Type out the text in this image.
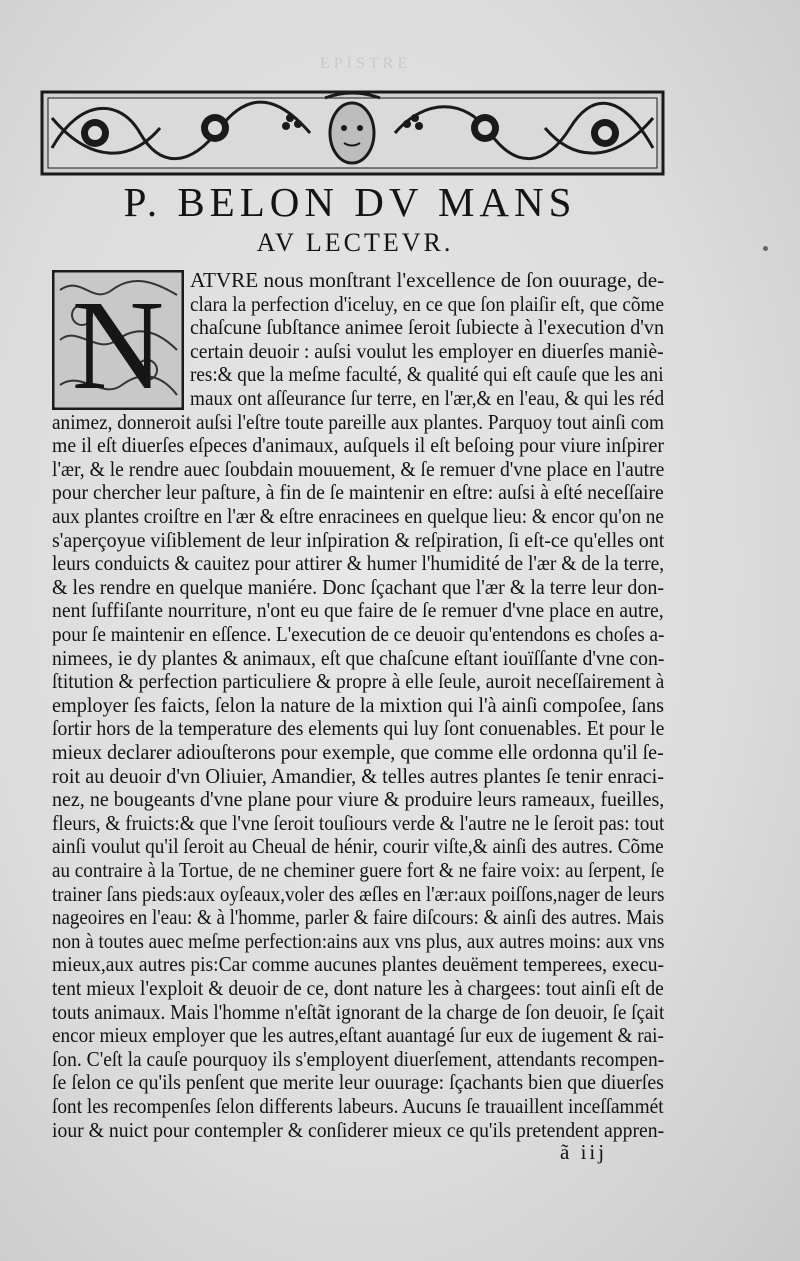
EPISTRE
P. BELON DV MANS
AV LECTEVR.
N ATVRE nous monſtrant l'excellence de ſon ouurage, de-
clara la perfection d'iceluy, en ce que ſon plaiſir eſt, que cõme
chaſcune ſubſtance animee ſeroit ſubiecte à l'execution d'vn
certain deuoir : auſsi voulut les employer en diuerſes maniè-
res:& que la meſme faculté, & qualité qui eſt cauſe que les ani
maux ont aſſeurance ſur terre, en l'ær,& en l'eau, & qui les réd
animez, donneroit auſsi l'eſtre toute pareille aux plantes. Parquoy tout ainſi com
me il eſt diuerſes eſpeces d'animaux, auſquels il eſt beſoing pour viure inſpirer
l'ær, & le rendre auec ſoubdain mouuement, & ſe remuer d'vne place en l'autre
pour chercher leur paſture, à fin de ſe maintenir en eſtre: auſsi à eſté neceſſaire
aux plantes croiſtre en l'ær & eſtre enracinees en quelque lieu: & encor qu'on ne
s'aperçoyue viſiblement de leur inſpiration & reſpiration, ſi eſt-ce qu'elles ont
leurs conduicts & cauitez pour attirer & humer l'humidité de l'ær & de la terre,
& les rendre en quelque maniére. Donc ſçachant que l'ær & la terre leur don-
nent ſuffiſante nourriture, n'ont eu que faire de ſe remuer d'vne place en autre,
pour ſe maintenir en eſſence. L'execution de ce deuoir qu'entendons es choſes a-
nimees, ie dy plantes & animaux, eſt que chaſcune eſtant iouïſſante d'vne con-
ſtitution & perfection particuliere & propre à elle ſeule, auroit neceſſairement à
employer ſes faicts, ſelon la nature de la mixtion qui l'à ainſi compoſee, ſans
ſortir hors de la temperature des elements qui luy ſont conuenables. Et pour le
mieux declarer adiouſterons pour exemple, que comme elle ordonna qu'il ſe-
roit au deuoir d'vn Oliuier, Amandier, & telles autres plantes ſe tenir enraci-
nez, ne bougeants d'vne plane pour viure & produire leurs rameaux, fueilles,
fleurs, & fruicts:& que l'vne ſeroit touſiours verde & l'autre ne le ſeroit pas: tout
ainſi voulut qu'il ſeroit au Cheual de hénir, courir viſte,& ainſi des autres. Cõme
au contraire à la Tortue, de ne cheminer guere fort & ne faire voix: au ſerpent, ſe
trainer ſans pieds:aux oyſeaux,voler des æſles en l'ær:aux poiſſons,nager de leurs
nageoires en l'eau: & à l'homme, parler & faire diſcours: & ainſi des autres. Mais
non à toutes auec meſme perfection:ains aux vns plus, aux autres moins: aux vns
mieux,aux autres pis:Car comme aucunes plantes deuëment temperees, execu-
tent mieux l'exploit & deuoir de ce, dont nature les à chargees: tout ainſi eſt de
touts animaux. Mais l'homme n'eſtãt ignorant de la charge de ſon deuoir, ſe ſçait
encor mieux employer que les autres,eſtant auantagé ſur eux de iugement & rai-
ſon. C'eſt la cauſe pourquoy ils s'employent diuerſement, attendants recompen-
ſe ſelon ce qu'ils penſent que merite leur ouurage: ſçachants bien que diuerſes
ſont les recompenſes ſelon differents labeurs. Aucuns ſe trauaillent inceſſammét
iour & nuict pour contempler & conſiderer mieux ce qu'ils pretendent appren-
ã iij
